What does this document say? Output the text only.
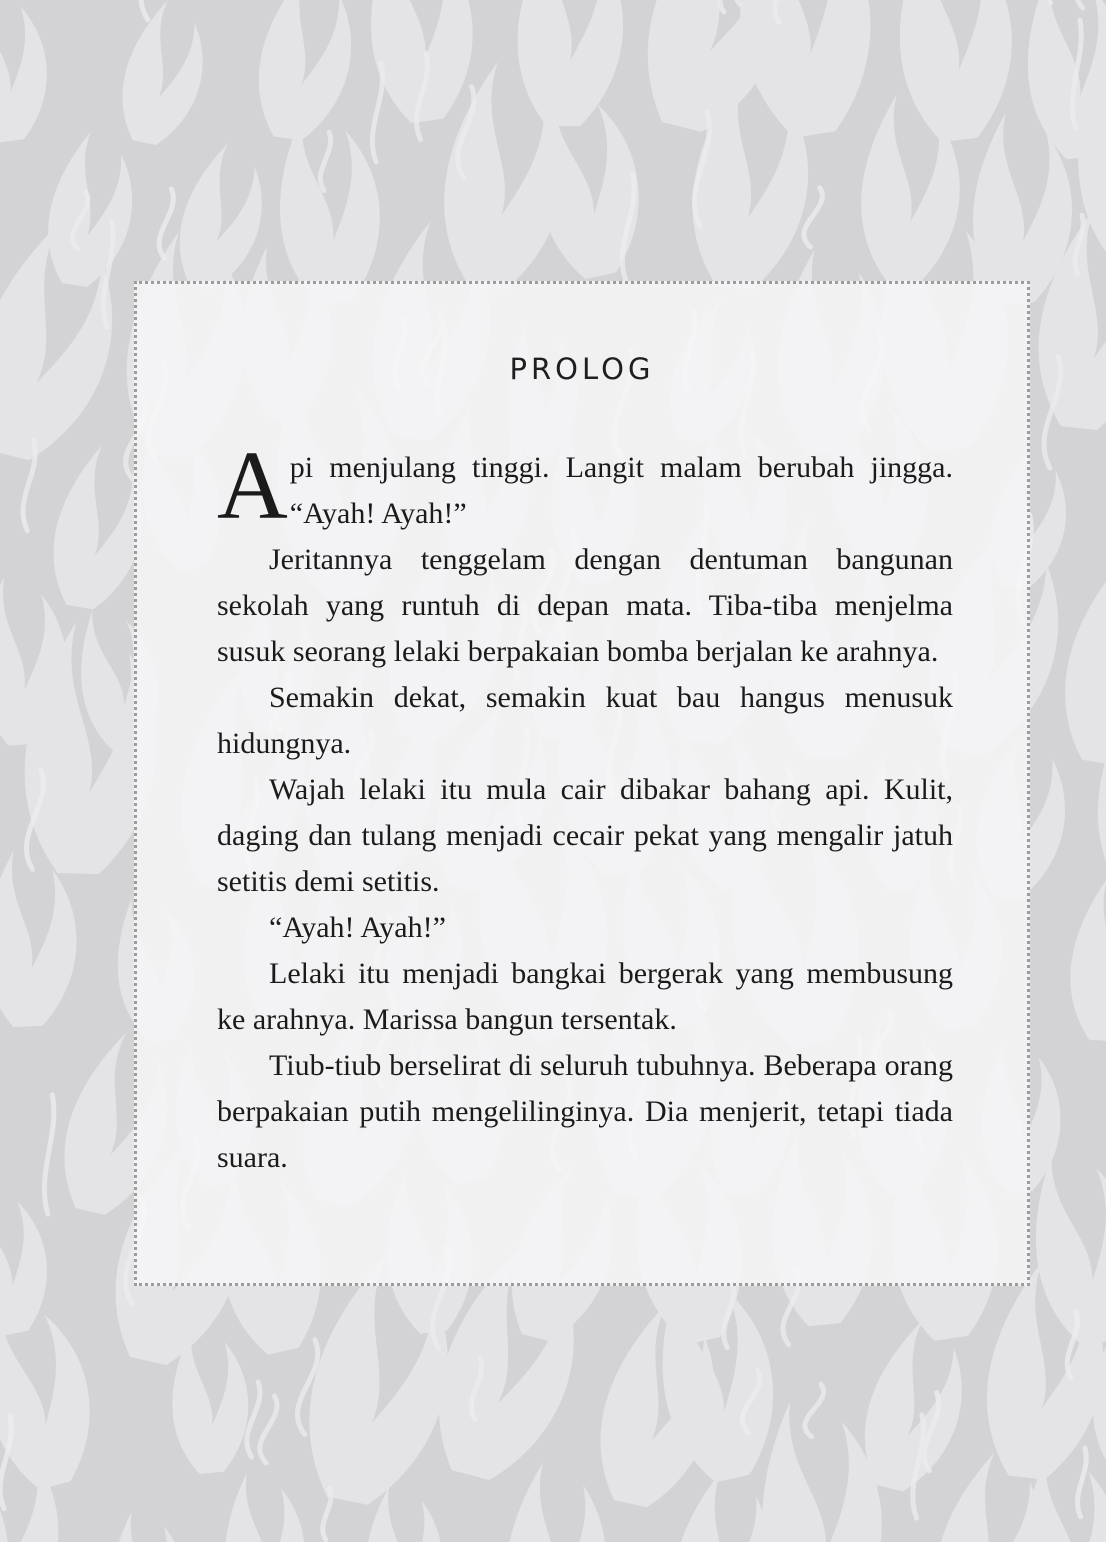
PROLOG

Api menjulang tinggi. Langit malam berubah jingga. “Ayah! Ayah!”

Jeritannya tenggelam dengan dentuman bangunan sekolah yang runtuh di depan mata. Tiba-tiba menjelma susuk seorang lelaki berpakaian bomba berjalan ke arahnya.

Semakin dekat, semakin kuat bau hangus menusuk hidungnya.

Wajah lelaki itu mula cair dibakar bahang api. Kulit, daging dan tulang menjadi cecair pekat yang mengalir jatuh setitis demi setitis.

“Ayah! Ayah!”

Lelaki itu menjadi bangkai bergerak yang membusung ke arahnya. Marissa bangun tersentak.

Tiub-tiub berselirat di seluruh tubuhnya. Beberapa orang berpakaian putih mengelilinginya. Dia menjerit, tetapi tiada suara.
